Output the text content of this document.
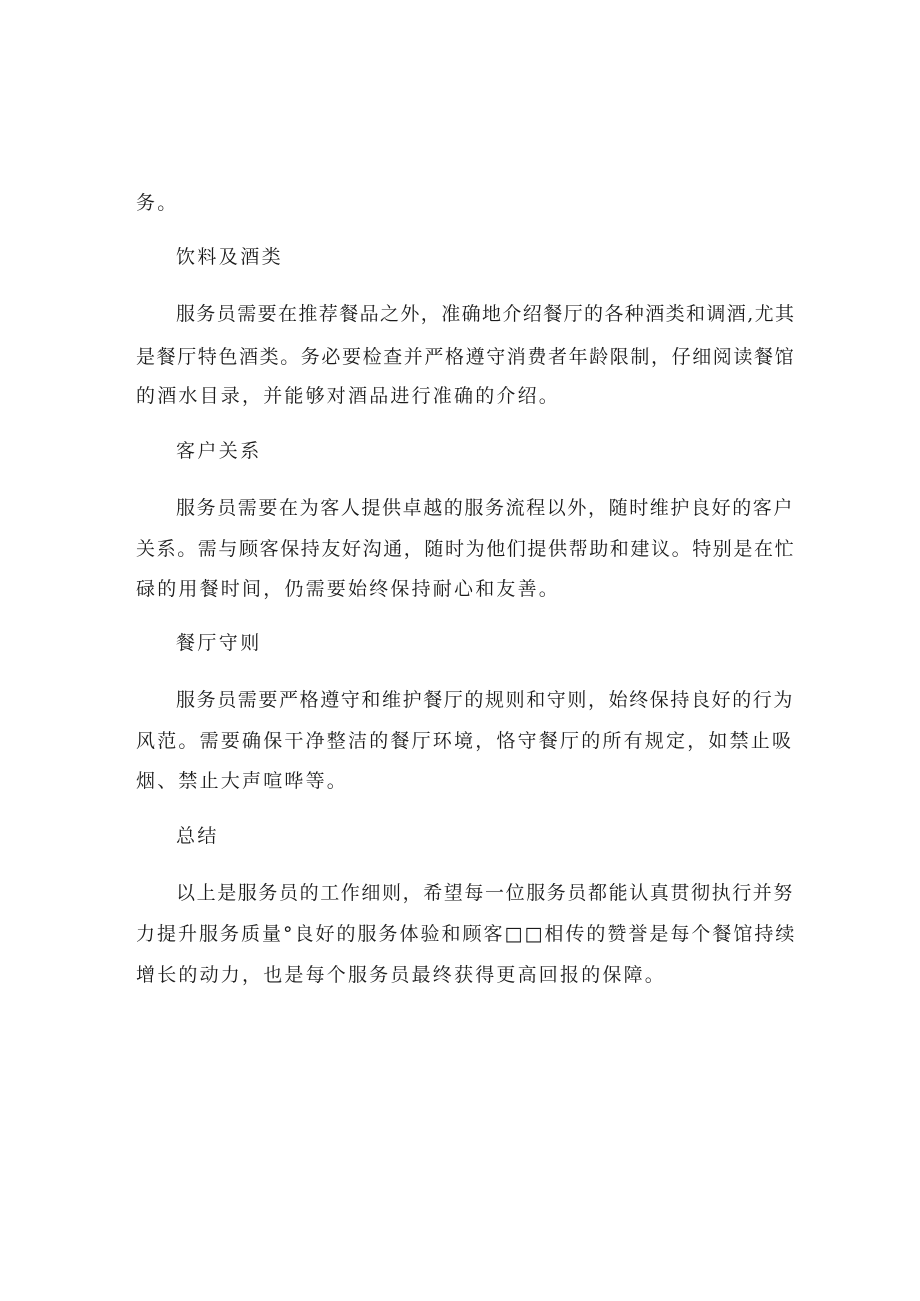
务。
饮料及酒类
服务员需要在推荐餐品之外，准确地介绍餐厅的各种酒类和调酒,尤其
是餐厅特色酒类。务必要检查并严格遵守消费者年龄限制，仔细阅读餐馆
的酒水目录，并能够对酒品进行准确的介绍。
客户关系
服务员需要在为客人提供卓越的服务流程以外，随时维护良好的客户
关系。需与顾客保持友好沟通，随时为他们提供帮助和建议。特别是在忙
碌的用餐时间，仍需要始终保持耐心和友善。
餐厅守则
服务员需要严格遵守和维护餐厅的规则和守则，始终保持良好的行为
风范。需要确保干净整洁的餐厅环境，恪守餐厅的所有规定，如禁止吸
烟、禁止大声喧哗等。
总结
以上是服务员的工作细则，希望每一位服务员都能认真贯彻执行并努
力提升服务质量°良好的服务体验和顾客□□相传的赞誉是每个餐馆持续
增长的动力，也是每个服务员最终获得更高回报的保障。
